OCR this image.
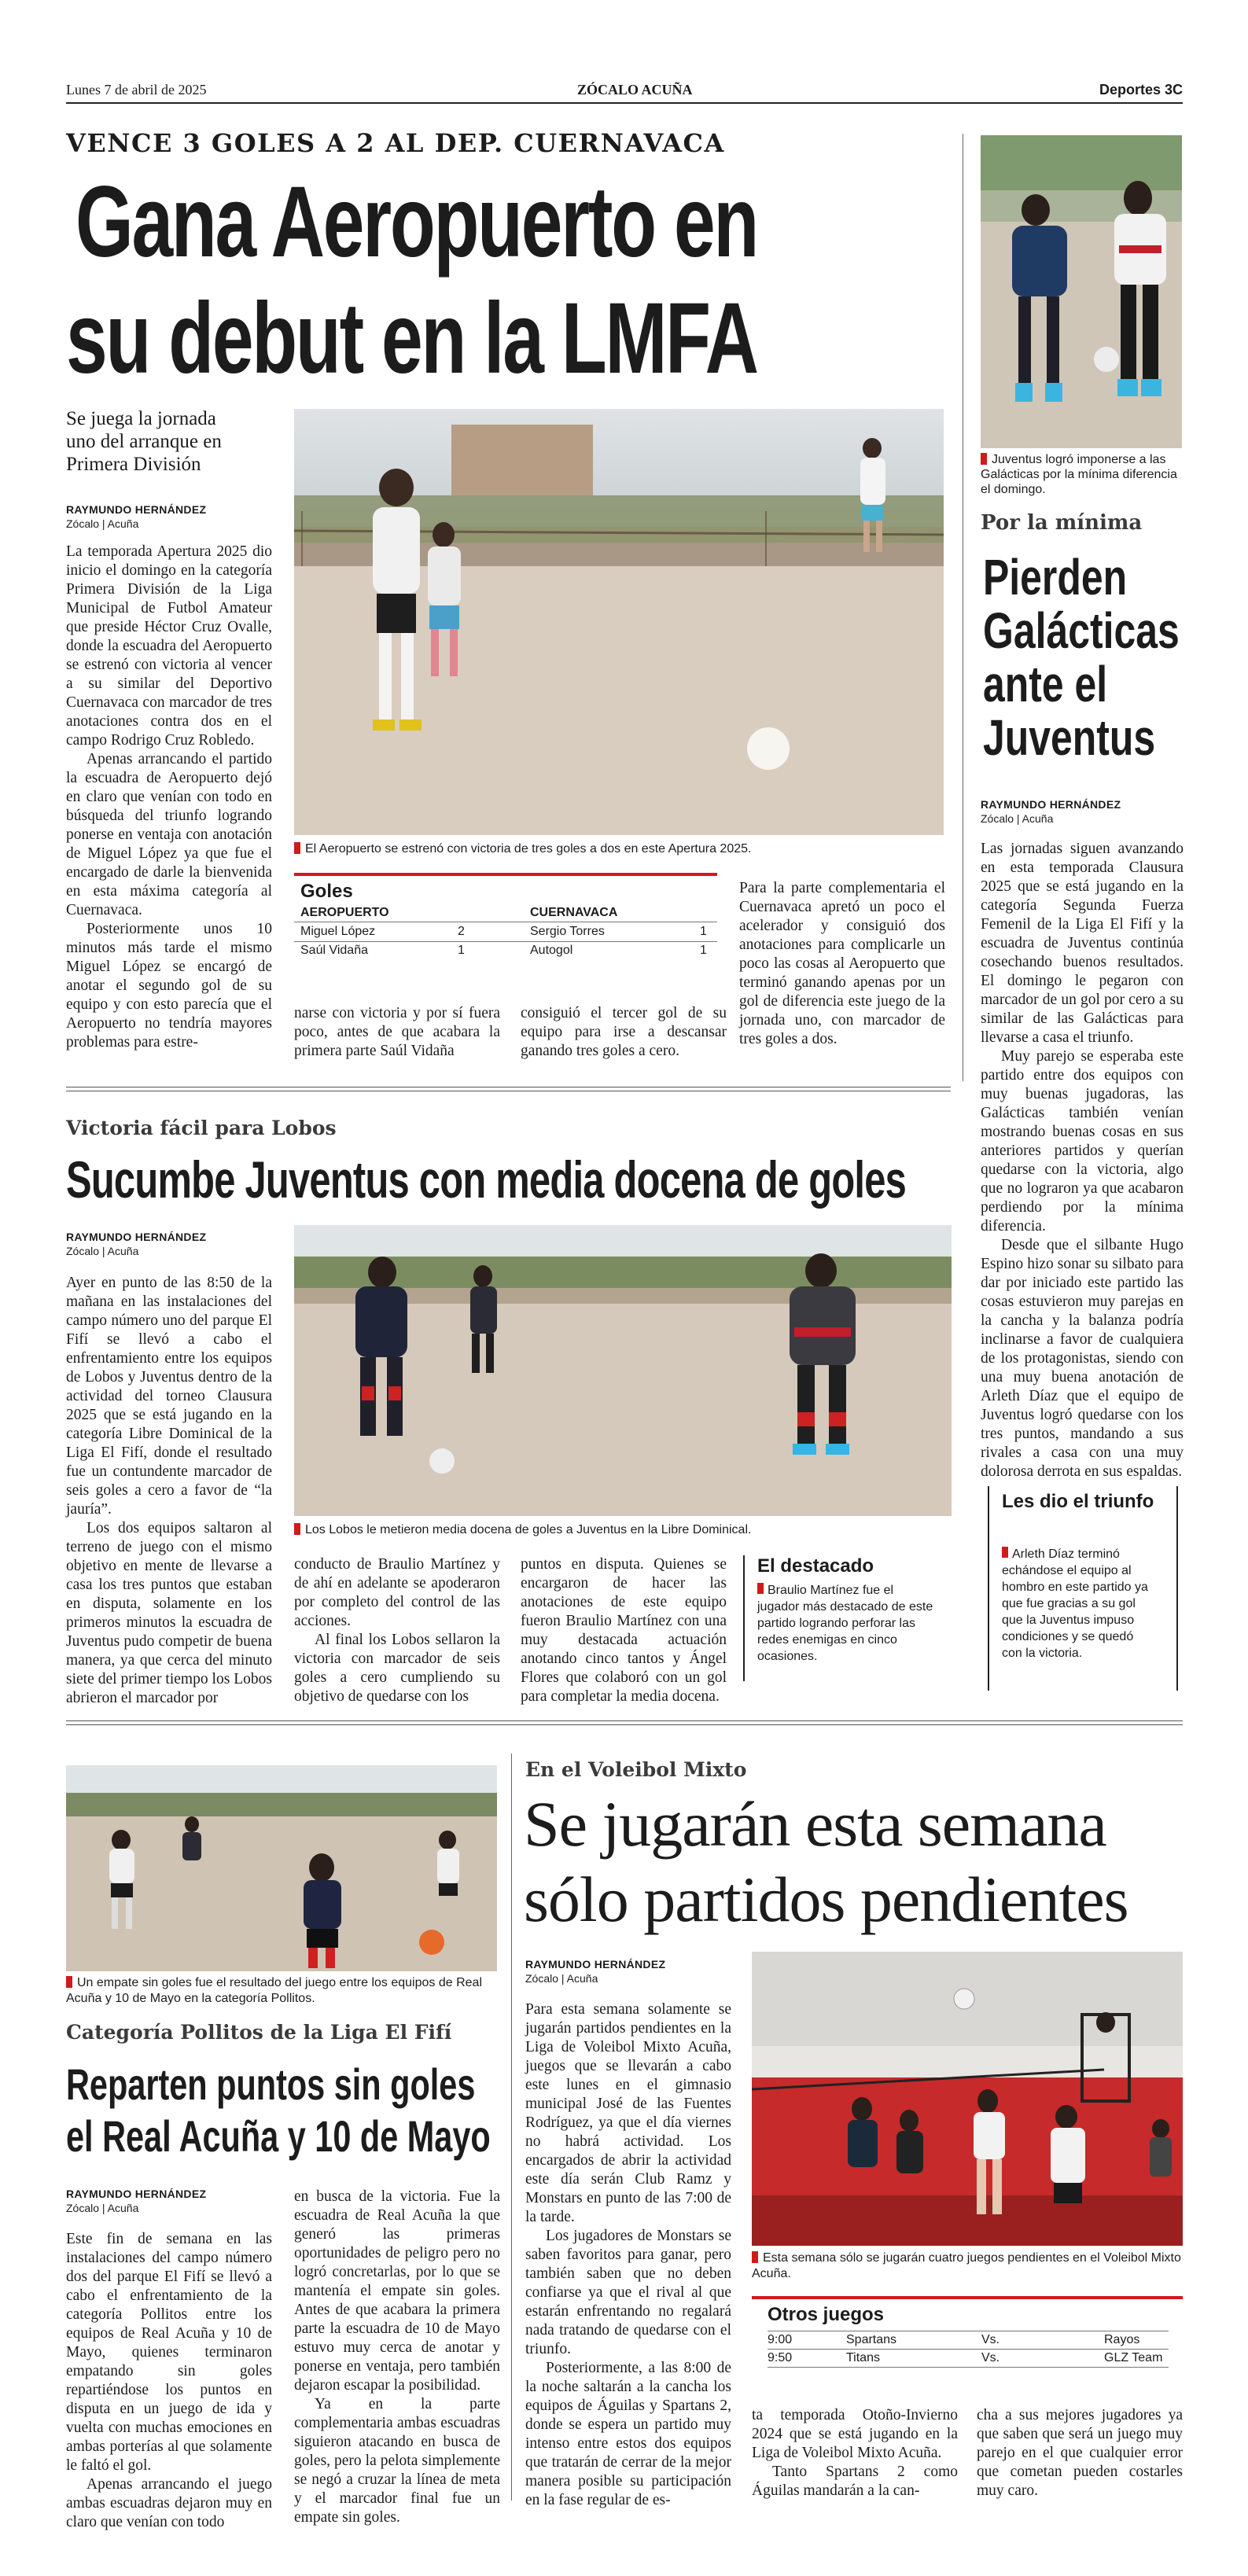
Lunes 7 de abril de 2025	ZÓCALO ACUÑA	Deportes 3C
VENCE 3 GOLES A 2 AL DEP. CUERNAVACA
Gana Aeropuerto en
su debut en la LMFA
Se juega la jornada uno del arranque en Primera División
RAYMUNDO HERNÁNDEZ
Zócalo | Acuña

La temporada Apertura 2025 dio inicio el domingo en la categoría Primera División de la Liga Municipal de Futbol Amateur que preside Héctor Cruz Ovalle, donde la escuadra del Aeropuerto se estrenó con victoria al vencer a su similar del Deportivo Cuernavaca con marcador de tres anotaciones contra dos en el campo Rodrigo Cruz Robledo.

Apenas arrancando el partido la escuadra de Aeropuerto dejó en claro que venían con todo en búsqueda del triunfo logrando ponerse en ventaja con anotación de Miguel López ya que fue el encargado de darle la bienvenida en esta máxima categoría al Cuernavaca.

Posteriormente unos 10 minutos más tarde el mismo Miguel López se encargó de anotar el segundo gol de su equipo y con esto parecía que el Aeropuerto no tendría mayores problemas para estre-

El Aeropuerto se estrenó con victoria de tres goles a dos en este Apertura 2025.
Goles
AEROPUERTO	CUERNAVACA
Miguel López	2	Sergio Torres	1
Saúl Vidaña	1	Autogol	1
narse con victoria y por sí fuera poco, antes de que acabara la primera parte Saúl Vidaña
consiguió el tercer gol de su equipo para irse a descansar ganando tres goles a cero.

Para la parte complementaria el Cuernavaca apretó un poco el acelerador y consiguió dos anotaciones para complicarle un poco las cosas al Aeropuerto que terminó ganando apenas por un gol de diferencia este juego de la jornada uno, con marcador de tres goles a dos.

Juventus logró imponerse a las Galácticas por la mínima diferencia el domingo.
Por la mínima
Pierden
Galácticas
ante el
Juventus
RAYMUNDO HERNÁNDEZ
Zócalo | Acuña

Las jornadas siguen avanzando en esta temporada Clausura 2025 que se está jugando en la categoría Segunda Fuerza Femenil de la Liga El Fifí y la escuadra de Juventus continúa cosechando buenos resultados. El domingo le pegaron con marcador de un gol por cero a su similar de las Galácticas para llevarse a casa el triunfo.

Muy parejo se esperaba este partido entre dos equipos con muy buenas jugadoras, las Galácticas también venían mostrando buenas cosas en sus anteriores partidos y querían quedarse con la victoria, algo que no lograron ya que acabaron perdiendo por la mínima diferencia.

Desde que el silbante Hugo Espino hizo sonar su silbato para dar por iniciado este partido las cosas estuvieron muy parejas en la cancha y la balanza podría inclinarse a favor de cualquiera de los protagonistas, siendo con una muy buena anotación de Arleth Díaz que el equipo de Juventus logró quedarse con los tres puntos, mandando a sus rivales a casa con una muy dolorosa derrota en sus espaldas.

Les dio el triunfo
Arleth Díaz terminó echándose el equipo al hombro en este partido ya que fue gracias a su gol que la Juventus impuso condiciones y se quedó con la victoria.
Victoria fácil para Lobos
Sucumbe Juventus con media docena de goles
RAYMUNDO HERNÁNDEZ
Zócalo | Acuña

Ayer en punto de las 8:50 de la mañana en las instalaciones del campo número uno del parque El Fifí se llevó a cabo el enfrentamiento entre los equipos de Lobos y Juventus dentro de la actividad del torneo Clausura 2025 que se está jugando en la categoría Libre Dominical de la Liga El Fifí, donde el resultado fue un contundente marcador de seis goles a cero a favor de “la jauría”.

Los dos equipos saltaron al terreno de juego con el mismo objetivo en mente de llevarse a casa los tres puntos que estaban en disputa, solamente en los primeros minutos la escuadra de Juventus pudo competir de buena manera, ya que cerca del minuto siete del primer tiempo los Lobos abrieron el marcador por

Los Lobos le metieron media docena de goles a Juventus en la Libre Dominical.

conducto de Braulio Martínez y de ahí en adelante se apoderaron por completo del control de las acciones.

Al final los Lobos sellaron la victoria con marcador de seis goles a cero cumpliendo su objetivo de quedarse con los

puntos en disputa. Quienes se encargaron de hacer las anotaciones de este equipo fueron Braulio Martínez con una muy destacada actuación anotando cinco tantos y Ángel Flores que colaboró con un gol para completar la media docena.

El destacado
Braulio Martínez fue el jugador más destacado de este partido logrando perforar las redes enemigas en cinco ocasiones.
Un empate sin goles fue el resultado del juego entre los equipos de Real Acuña y 10 de Mayo en la categoría Pollitos.
Categoría Pollitos de la Liga El Fifí
Reparten puntos sin goles
el Real Acuña y 10 de Mayo
RAYMUNDO HERNÁNDEZ
Zócalo | Acuña

Este fin de semana en las instalaciones del campo número dos del parque El Fifí se llevó a cabo el enfrentamiento de la categoría Pollitos entre los equipos de Real Acuña y 10 de Mayo, quienes terminaron empatando sin goles repartiéndose los puntos en disputa en un juego de ida y vuelta con muchas emociones en ambas porterías al que solamente le faltó el gol.

Apenas arrancando el juego ambas escuadras dejaron muy en claro que venían con todo

en busca de la victoria. Fue la escuadra de Real Acuña la que generó las primeras oportunidades de peligro pero no logró concretarlas, por lo que se mantenía el empate sin goles. Antes de que acabara la primera parte la escuadra de 10 de Mayo estuvo muy cerca de anotar y ponerse en ventaja, pero también dejaron escapar la posibilidad.

Ya en la parte complementaria ambas escuadras siguieron atacando en busca de goles, pero la pelota simplemente se negó a cruzar la línea de meta y el marcador final fue un empate sin goles.

En el Voleibol Mixto
Se jugarán esta semana
sólo partidos pendientes
RAYMUNDO HERNÁNDEZ
Zócalo | Acuña

Para esta semana solamente se jugarán partidos pendientes en la Liga de Voleibol Mixto Acuña, juegos que se llevarán a cabo este lunes en el gimnasio municipal José de las Fuentes Rodríguez, ya que el día viernes no habrá actividad. Los encargados de abrir la actividad este día serán Club Ramz y Monstars en punto de las 7:00 de la tarde.

Los jugadores de Monstars se saben favoritos para ganar, pero también saben que no deben confiarse ya que el rival al que estarán enfrentando no regalará nada tratando de quedarse con el triunfo.

Posteriormente, a las 8:00 de la noche saltarán a la cancha los equipos de Águilas y Spartans 2, donde se espera un partido muy intenso entre estos dos equipos que tratarán de cerrar de la mejor manera posible su participación en la fase regular de es-

Esta semana sólo se jugarán cuatro juegos pendientes en el Voleibol Mixto Acuña.
Otros juegos
9:00	Spartans	Vs.	Rayos
9:50	Titans	Vs.	GLZ Team

ta temporada Otoño-Invierno 2024 que se está jugando en la Liga de Voleibol Mixto Acuña.

Tanto Spartans 2 como Águilas mandarán a la can-

cha a sus mejores jugadores ya que saben que será un juego muy parejo en el que cualquier error que cometan pueden costarles muy caro.
